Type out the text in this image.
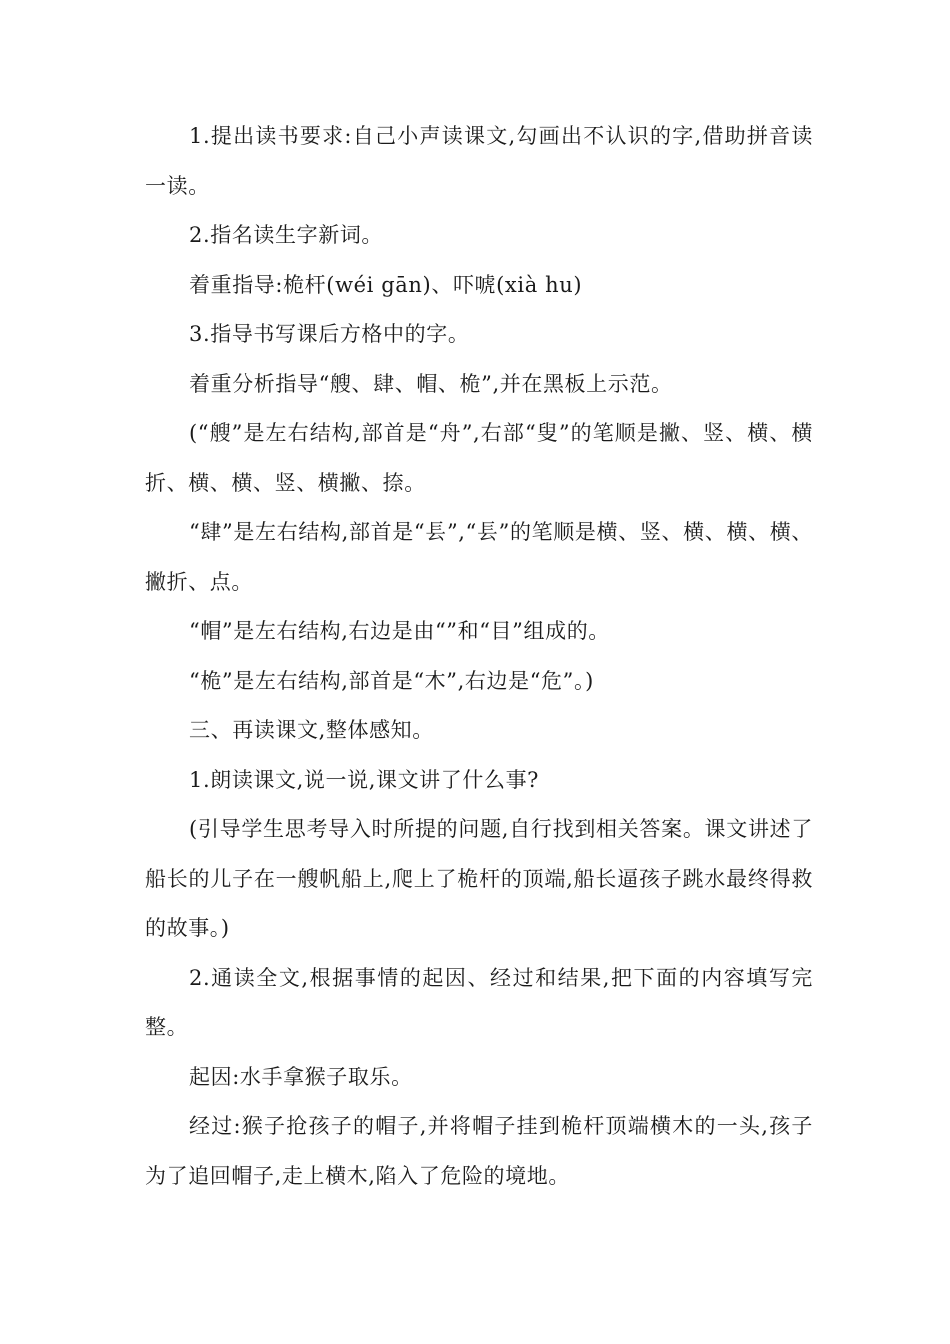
1.提出读书要求:自己小声读课文,勾画出不认识的字,借助拼音读一读。

2.指名读生字新词。

着重指导:桅杆(wéi gān)、吓唬(xià hu)

3.指导书写课后方格中的字。

着重分析指导“艘、肆、帽、桅”,并在黑板上示范。

(“艘”是左右结构,部首是“舟”,右部“叟”的笔顺是撇、竖、横、横折、横、横、竖、横撇、捺。

“肆”是左右结构,部首是“镸”,“镸”的笔顺是横、竖、横、横、横、撇折、点。

“帽”是左右结构,右边是由“”和“目”组成的。

“桅”是左右结构,部首是“木”,右边是“危”。)

三、再读课文,整体感知。

1.朗读课文,说一说,课文讲了什么事?

(引导学生思考导入时所提的问题,自行找到相关答案。课文讲述了船长的儿子在一艘帆船上,爬上了桅杆的顶端,船长逼孩子跳水最终得救的故事。)

2.通读全文,根据事情的起因、经过和结果,把下面的内容填写完整。

起因:水手拿猴子取乐。

经过:猴子抢孩子的帽子,并将帽子挂到桅杆顶端横木的一头,孩子为了追回帽子,走上横木,陷入了危险的境地。
